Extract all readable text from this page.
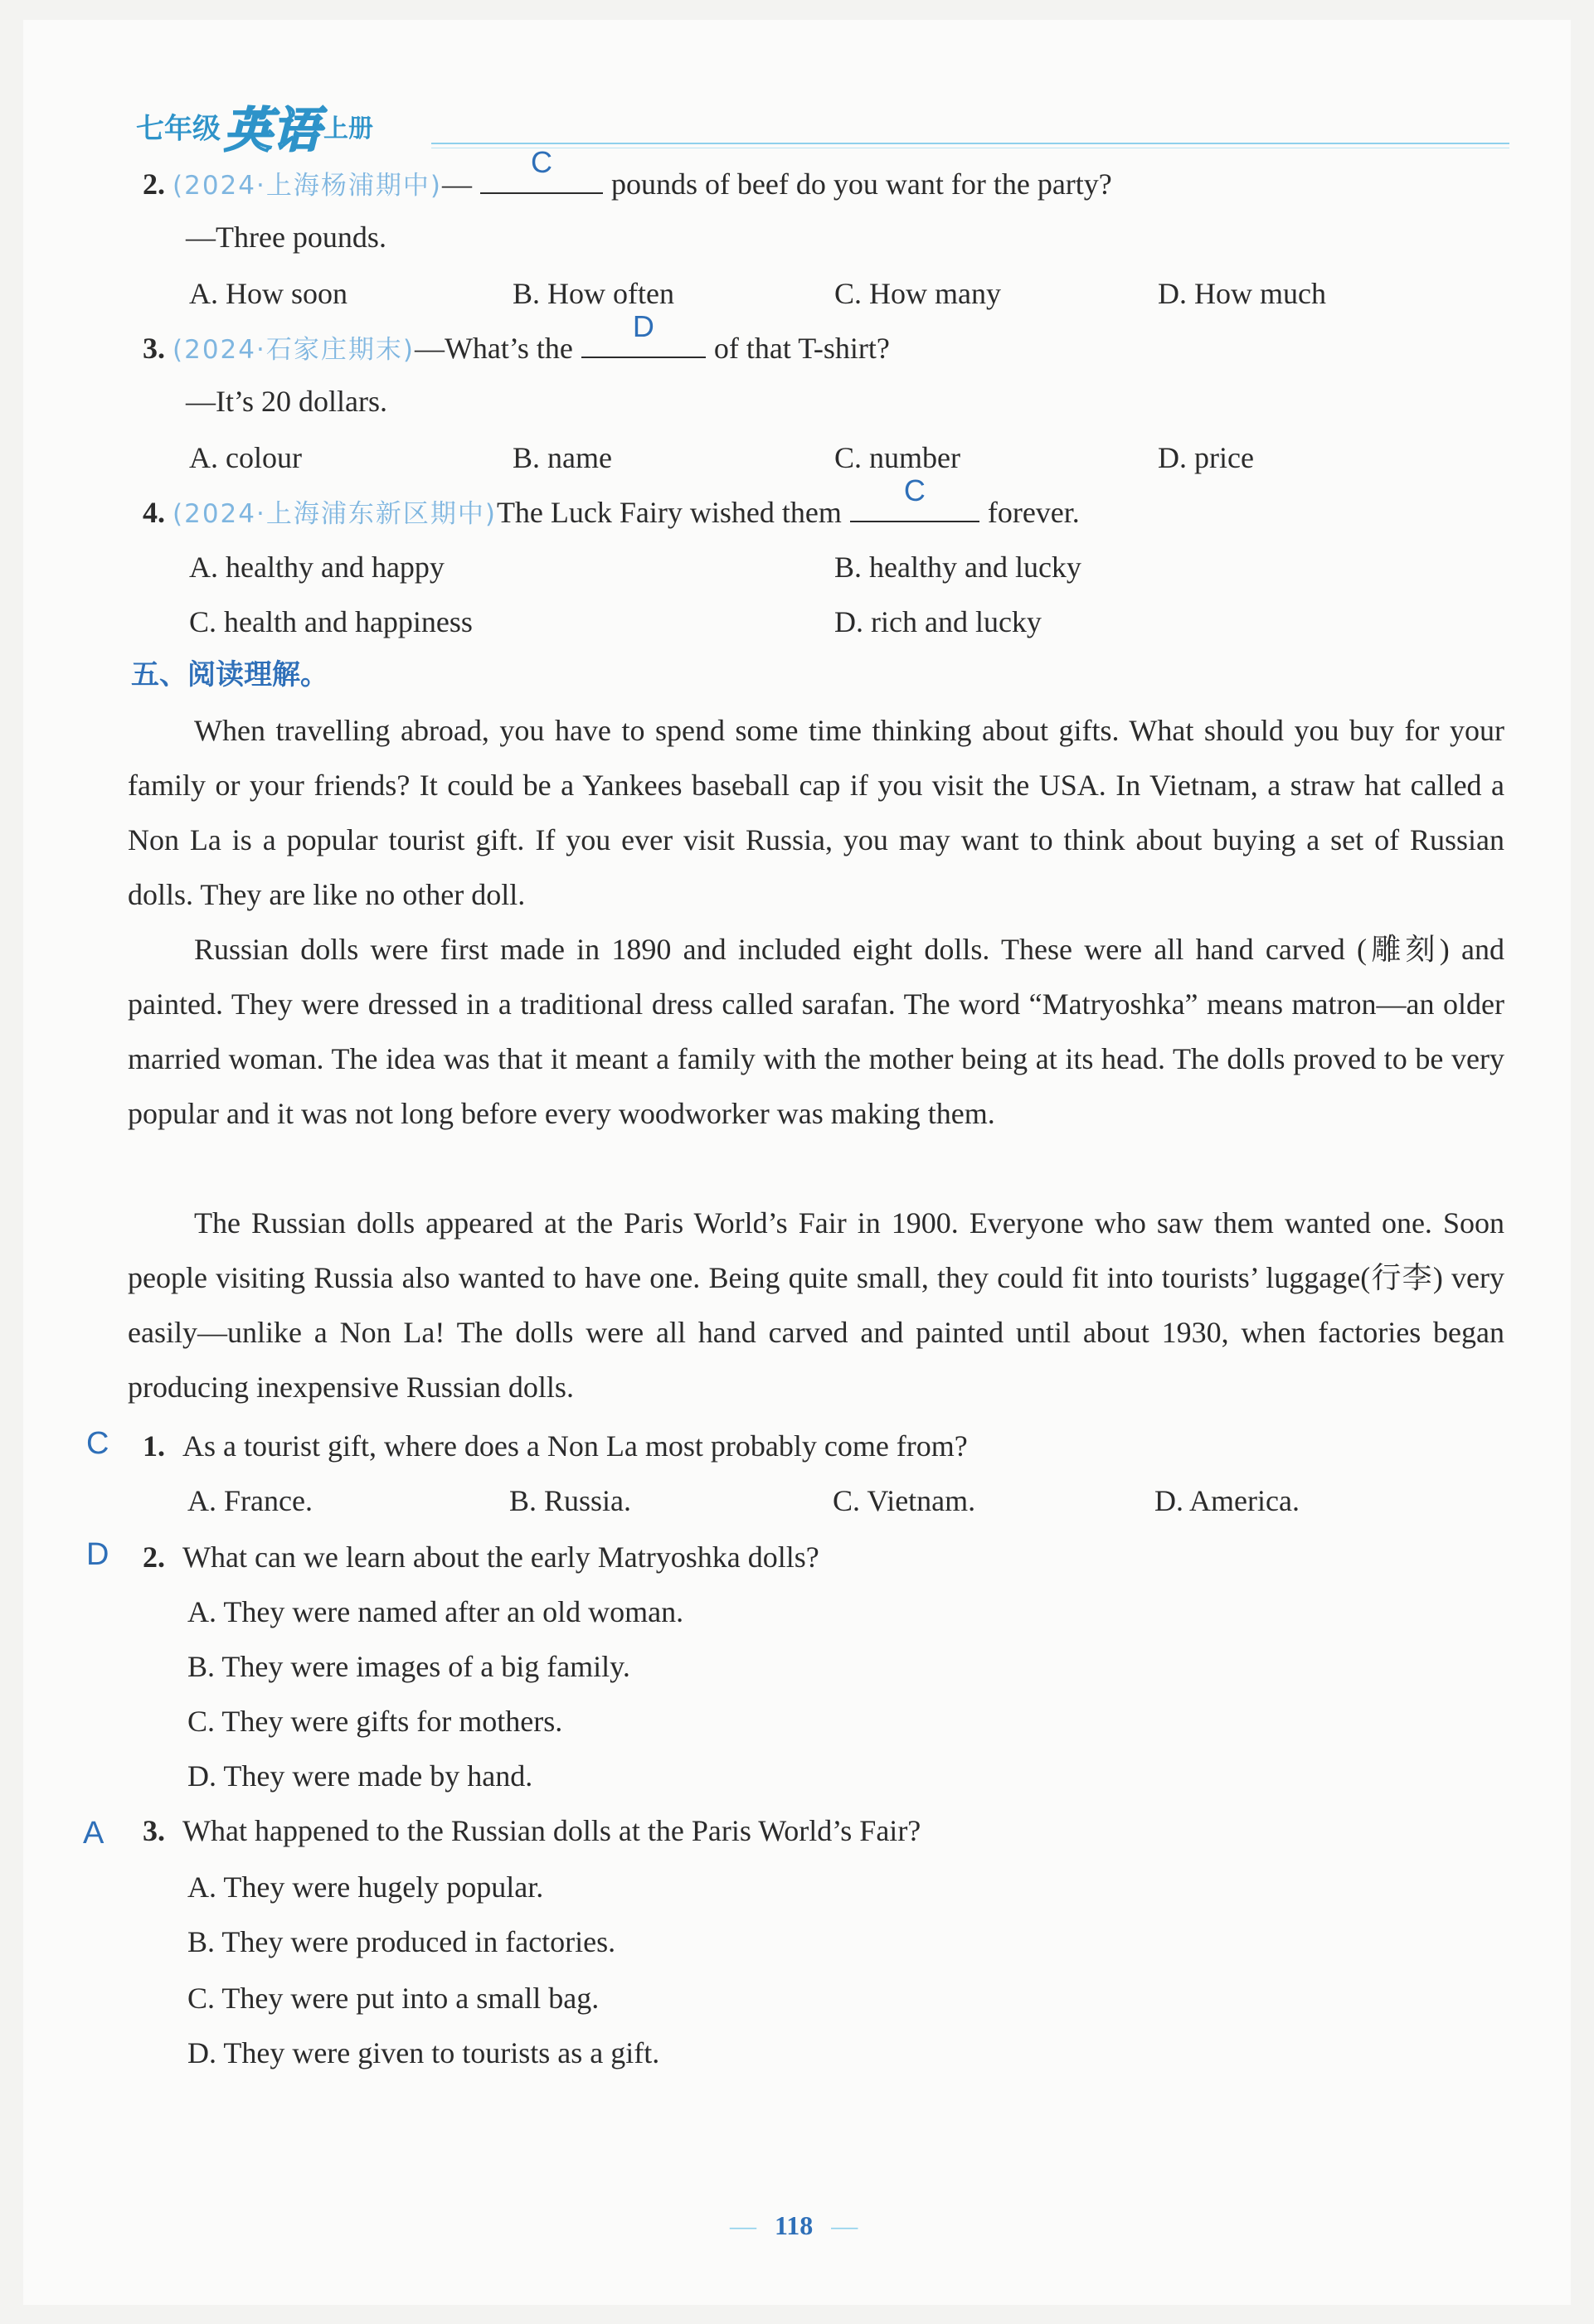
七年级 英语 上册
2. (2024·上海杨浦期中)—
C
pounds of beef do you want for the party?
—Three pounds.
A. How soon	B. How often	C. How many	D. How much
3. (2024·石家庄期末)—What’s the
D
of that T-shirt?
—It’s 20 dollars.
A. colour	B. name	C. number	D. price
4. (2024·上海浦东新区期中)The Luck Fairy wished them
C
forever.
A. healthy and happy	B. healthy and lucky
C. health and happiness	D. rich and lucky
五、阅读理解。
When travelling abroad, you have to spend some time thinking about gifts. What should you buy for your family or your friends? It could be a Yankees baseball cap if you visit the USA. In Vietnam, a straw hat called a Non La is a popular tourist gift. If you ever visit Russia, you may want to think about buying a set of Russian dolls. They are like no other doll.
Russian dolls were first made in 1890 and included eight dolls. These were all hand carved (雕刻) and painted. They were dressed in a traditional dress called sarafan. The word “Matryoshka” means matron—an older married woman. The idea was that it meant a family with the mother being at its head. The dolls proved to be very popular and it was not long before every woodworker was making them.
The Russian dolls appeared at the Paris World’s Fair in 1900. Everyone who saw them wanted one. Soon people visiting Russia also wanted to have one. Being quite small, they could fit into tourists’ luggage(行李) very easily—unlike a Non La! The dolls were all hand carved and painted until about 1930, when factories began producing inexpensive Russian dolls.
C 1. As a tourist gift, where does a Non La most probably come from?
A. France.	B. Russia.	C. Vietnam.	D. America.
D 2. What can we learn about the early Matryoshka dolls?
A. They were named after an old woman.
B. They were images of a big family.
C. They were gifts for mothers.
D. They were made by hand.
A 3. What happened to the Russian dolls at the Paris World’s Fair?
A. They were hugely popular.
B. They were produced in factories.
C. They were put into a small bag.
D. They were given to tourists as a gift.
— 118 —
